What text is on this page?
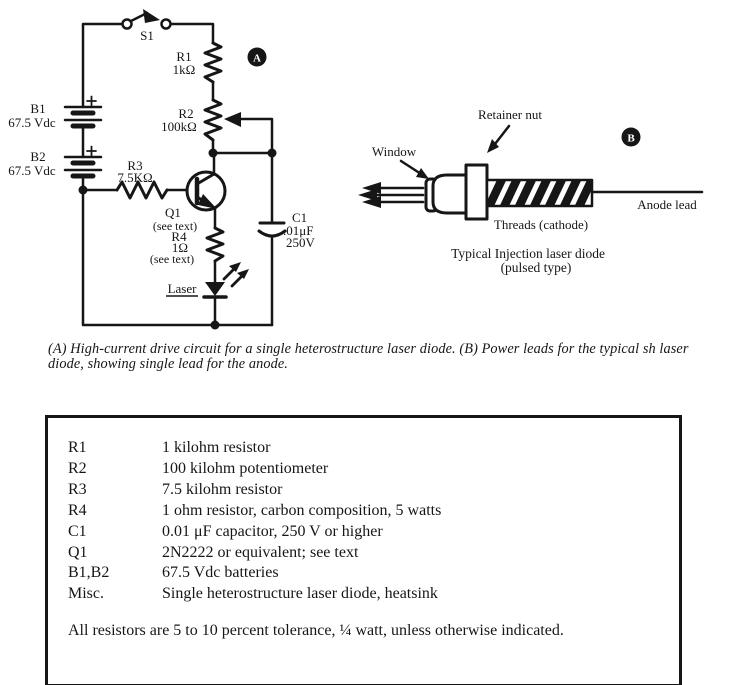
S1
R1
1kΩ
R2
100kΩ
B1
67.5 Vdc
B2
67.5 Vdc	R3
7.5KΩ
Q1
(see text)
R4
1Ω
(see text)
Laser
C1
.01μF
250V
A
Retainer nut
Window
Threads (cathode)
Anode lead
Typical Injection laser diode
(pulsed type)
B
(A) High-current drive circuit for a single heterostructure laser diode. (B) Power leads for the typical sh laser diode, showing single lead for the anode.
R1	1 kilohm resistor
R2	100 kilohm potentiometer
R3	7.5 kilohm resistor
R4	1 ohm resistor, carbon composition, 5 watts
C1	0.01 μF capacitor, 250 V or higher
Q1	2N2222 or equivalent; see text
B1,B2	67.5 Vdc batteries
Misc.	Single heterostructure laser diode, heatsink
All resistors are 5 to 10 percent tolerance, ¼ watt, unless otherwise indicated.
